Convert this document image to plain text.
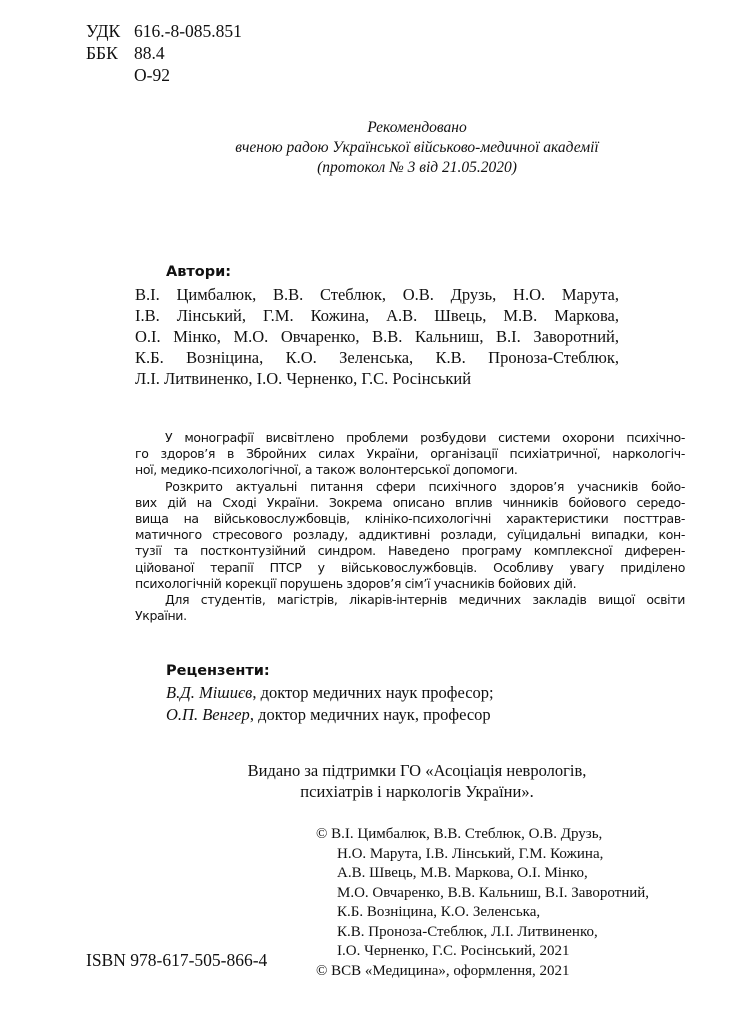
УДК 616.-8-085.851
ББК 88.4
О-92
Рекомендовано
вченою радою Української військово-медичної академії
(протокол № 3 від 21.05.2020)
Автори:
В.І. Цимбалюк, В.В. Стеблюк, О.В. Друзь, Н.О. Марута,
І.В. Лінський, Г.М. Кожина, А.В. Швець, М.В. Маркова,
О.І. Мінко, М.О. Овчаренко, В.В. Кальниш, В.І. Заворотний,
К.Б. Возніцина, К.О. Зеленська, К.В. Проноза-Стеблюк,
Л.І. Литвиненко, І.О. Черненко, Г.С. Росінський
У монографії висвітлено проблеми розбудови системи охорони психічно-
го здоров’я в Збройних силах України, організації психіатричної, наркологіч-
ної, медико-психологічної, а також волонтерської допомоги.
Розкрито актуальні питання сфери психічного здоров’я учасників бойо-
вих дій на Сході України. Зокрема описано вплив чинників бойового середо-
вища на військовослужбовців, клініко-психологічні характеристики посттрав-
матичного стресового розладу, аддиктивні розлади, суїцидальні випадки, кон-
тузії та постконтузійний синдром. Наведено програму комплексної диферен-
ційованої терапії ПТСР у військовослужбовців. Особливу увагу приділено
психологічній корекції порушень здоров’я сім’ї учасників бойових дій.
Для студентів, магістрів, лікарів-інтернів медичних закладів вищої освіти
України.
Рецензенти:
В.Д. Мішиєв, доктор медичних наук професор;
О.П. Венгер, доктор медичних наук, професор
Видано за підтримки ГО «Асоціація неврологів,
психіатрів і наркологів України».
© В.І. Цимбалюк, В.В. Стеблюк, О.В. Друзь,
Н.О. Марута, І.В. Лінський, Г.М. Кожина,
А.В. Швець, М.В. Маркова, О.І. Мінко,
М.О. Овчаренко, В.В. Кальниш, В.І. Заворотний,
К.Б. Возніцина, К.О. Зеленська,
К.В. Проноза-Стеблюк, Л.І. Литвиненко,
І.О. Черненко, Г.С. Росінський, 2021
© ВСВ «Медицина», оформлення, 2021
ISBN 978-617-505-866-4
